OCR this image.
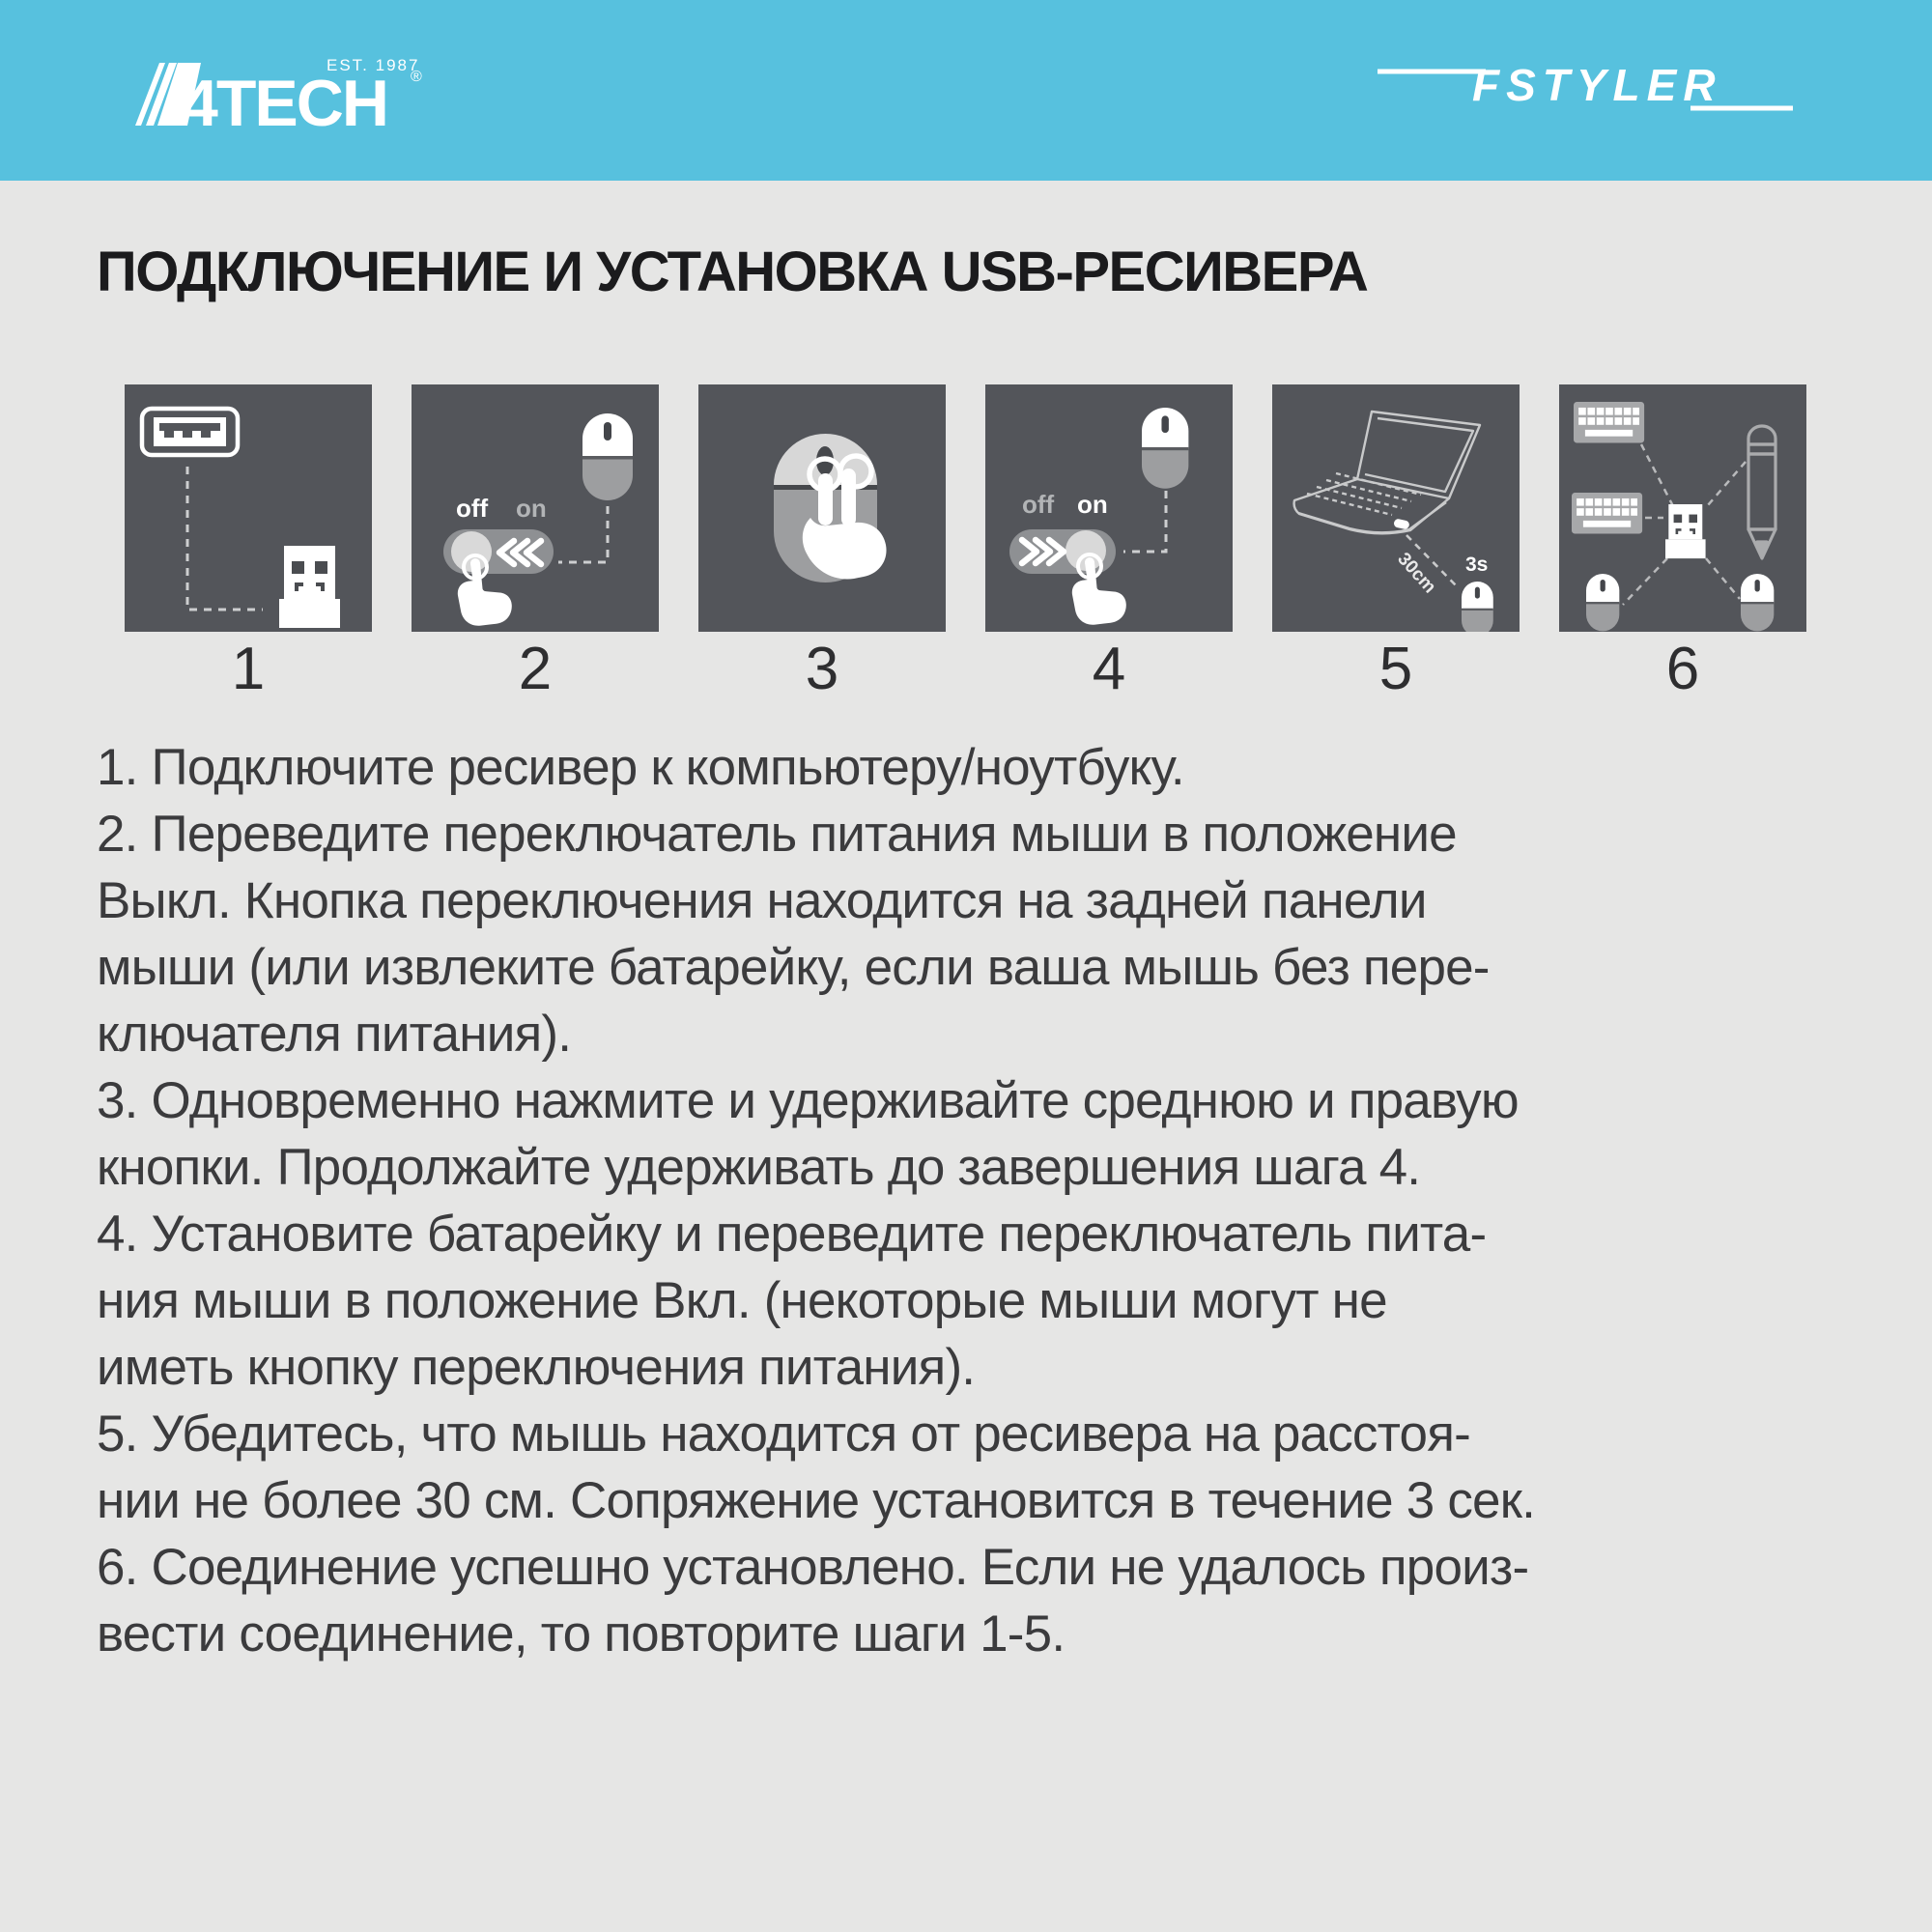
EST. 1987
4TECH ®	FSTYLER
ПОДКЛЮЧЕНИЕ И УСТАНОВКА USB-РЕСИВЕРА
1
off on
2	3
off on
4
30cm 3s
5	6
1. Подключите ресивер к компьютеру/ноутбуку.
2. Переведите переключатель питания мыши в положение
Выкл. Кнопка переключения находится на задней панели
мыши (или извлеките батарейку, если ваша мышь без пере-
ключателя питания).
3. Одновременно нажмите и удерживайте среднюю и правую
кнопки. Продолжайте удерживать до завершения шага 4.
4. Установите батарейку и переведите переключатель пита-
ния мыши в положение Вкл. (некоторые мыши могут не
иметь кнопку переключения питания).
5. Убедитесь, что мышь находится от ресивера на расстоя-
нии не более 30 см. Сопряжение установится в течение 3 сек.
6. Соединение успешно установлено. Если не удалось произ-
вести соединение, то повторите шаги 1-5.
